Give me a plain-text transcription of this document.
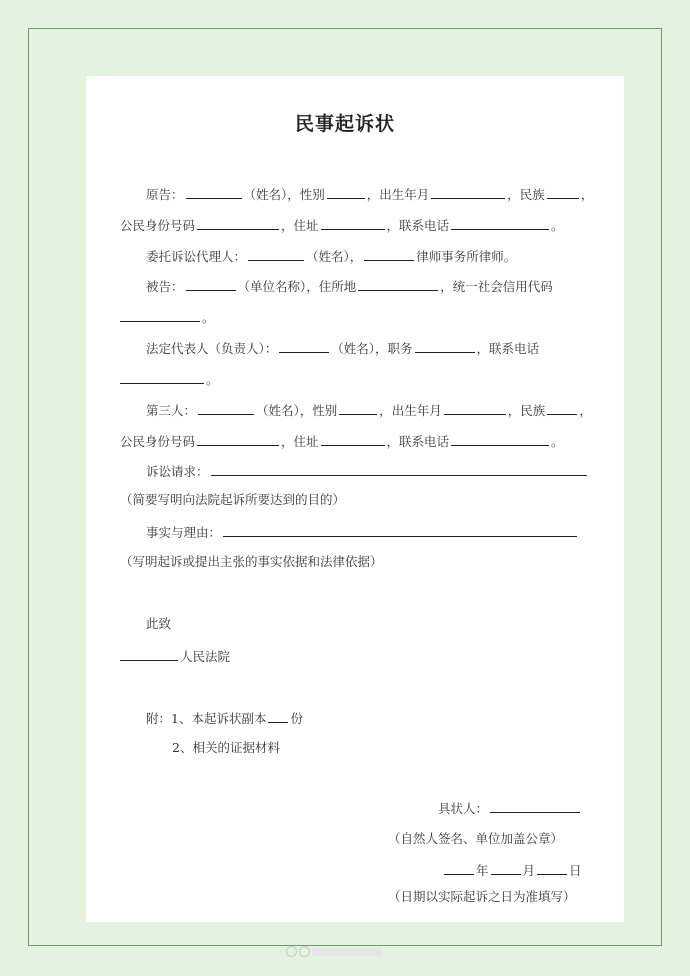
民事起诉状
原告：	（姓名），性别	，出生年月	，民族	，
公民身份号码	，住址	，联系电话	。
委托诉讼代理人：	（姓名），	律师事务所律师。
被告：	（单位名称），住所地	，统一社会信用代码
。
法定代表人（负责人）：	（姓名），职务	，联系电话
。
第三人：	（姓名），性别	，出生年月	，民族	，
公民身份号码	，住址	，联系电话	。
诉讼请求：
（简要写明向法院起诉所要达到的目的）
事实与理由：
（写明起诉或提出主张的事实依据和法律依据）
此致
人民法院
附：1、本起诉状副本 份
2、相关的证据材料
具状人：
（自然人签名、单位加盖公章）
年	月	日
（日期以实际起诉之日为准填写）
